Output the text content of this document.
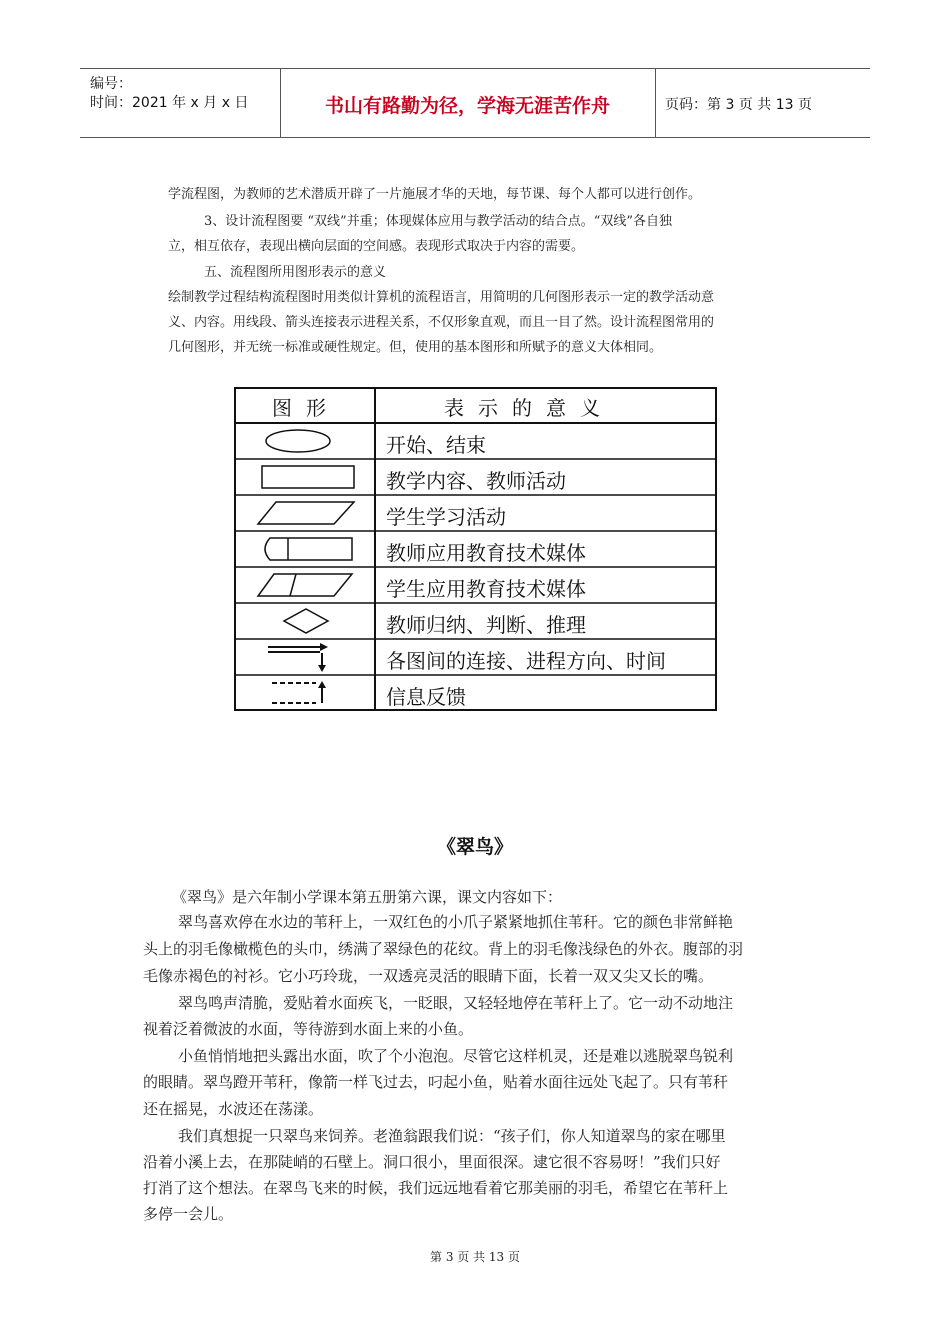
编号：
时间：2021 年 x 月 x 日	书山有路勤为径，学海无涯苦作舟	页码：第 3 页 共 13 页
学流程图，为教师的艺术潜质开辟了一片施展才华的天地，每节课、每个人都可以进行创作。
3、设计流程图要 “双线”并重；体现媒体应用与教学活动的结合点。“双线”各自独
立，相互依存，表现出横向层面的空间感。表现形式取决于内容的需要。
五、流程图所用图形表示的意义
绘制教学过程结构流程图时用类似计算机的流程语言，用简明的几何图形表示一定的教学活动意
义、内容。用线段、箭头连接表示进程关系，不仅形象直观，而且一目了然。设计流程图常用的
几何图形，并无统一标准或硬性规定。但，使用的基本图形和所赋予的意义大体相同。
图形	表示的意义
开始、结束
教学内容、教师活动
学生学习活动
教师应用教育技术媒体
学生应用教育技术媒体
教师归纳、判断、推理
各图间的连接、进程方向、时间
信息反馈
《翠鸟》
《翠鸟》是六年制小学课本第五册第六课，课文内容如下：
翠鸟喜欢停在水边的苇秆上，一双红色的小爪子紧紧地抓住苇秆。它的颜色非常鲜艳
头上的羽毛像橄榄色的头巾，绣满了翠绿色的花纹。背上的羽毛像浅绿色的外衣。腹部的羽
毛像赤褐色的衬衫。它小巧玲珑，一双透亮灵活的眼睛下面，长着一双又尖又长的嘴。
翠鸟鸣声清脆，爱贴着水面疾飞，一眨眼，又轻轻地停在苇秆上了。它一动不动地注
视着泛着微波的水面，等待游到水面上来的小鱼。
小鱼悄悄地把头露出水面，吹了个小泡泡。尽管它这样机灵，还是难以逃脱翠鸟锐利
的眼睛。翠鸟蹬开苇秆，像箭一样飞过去，叼起小鱼，贴着水面往远处飞起了。只有苇秆
还在摇晃，水波还在荡漾。
我们真想捉一只翠鸟来饲养。老渔翁跟我们说：“孩子们，你人知道翠鸟的家在哪里
沿着小溪上去，在那陡峭的石壁上。洞口很小，里面很深。逮它很不容易呀！”我们只好
打消了这个想法。在翠鸟飞来的时候，我们远远地看着它那美丽的羽毛，希望它在苇秆上
多停一会儿。
第 3 页 共 13 页
